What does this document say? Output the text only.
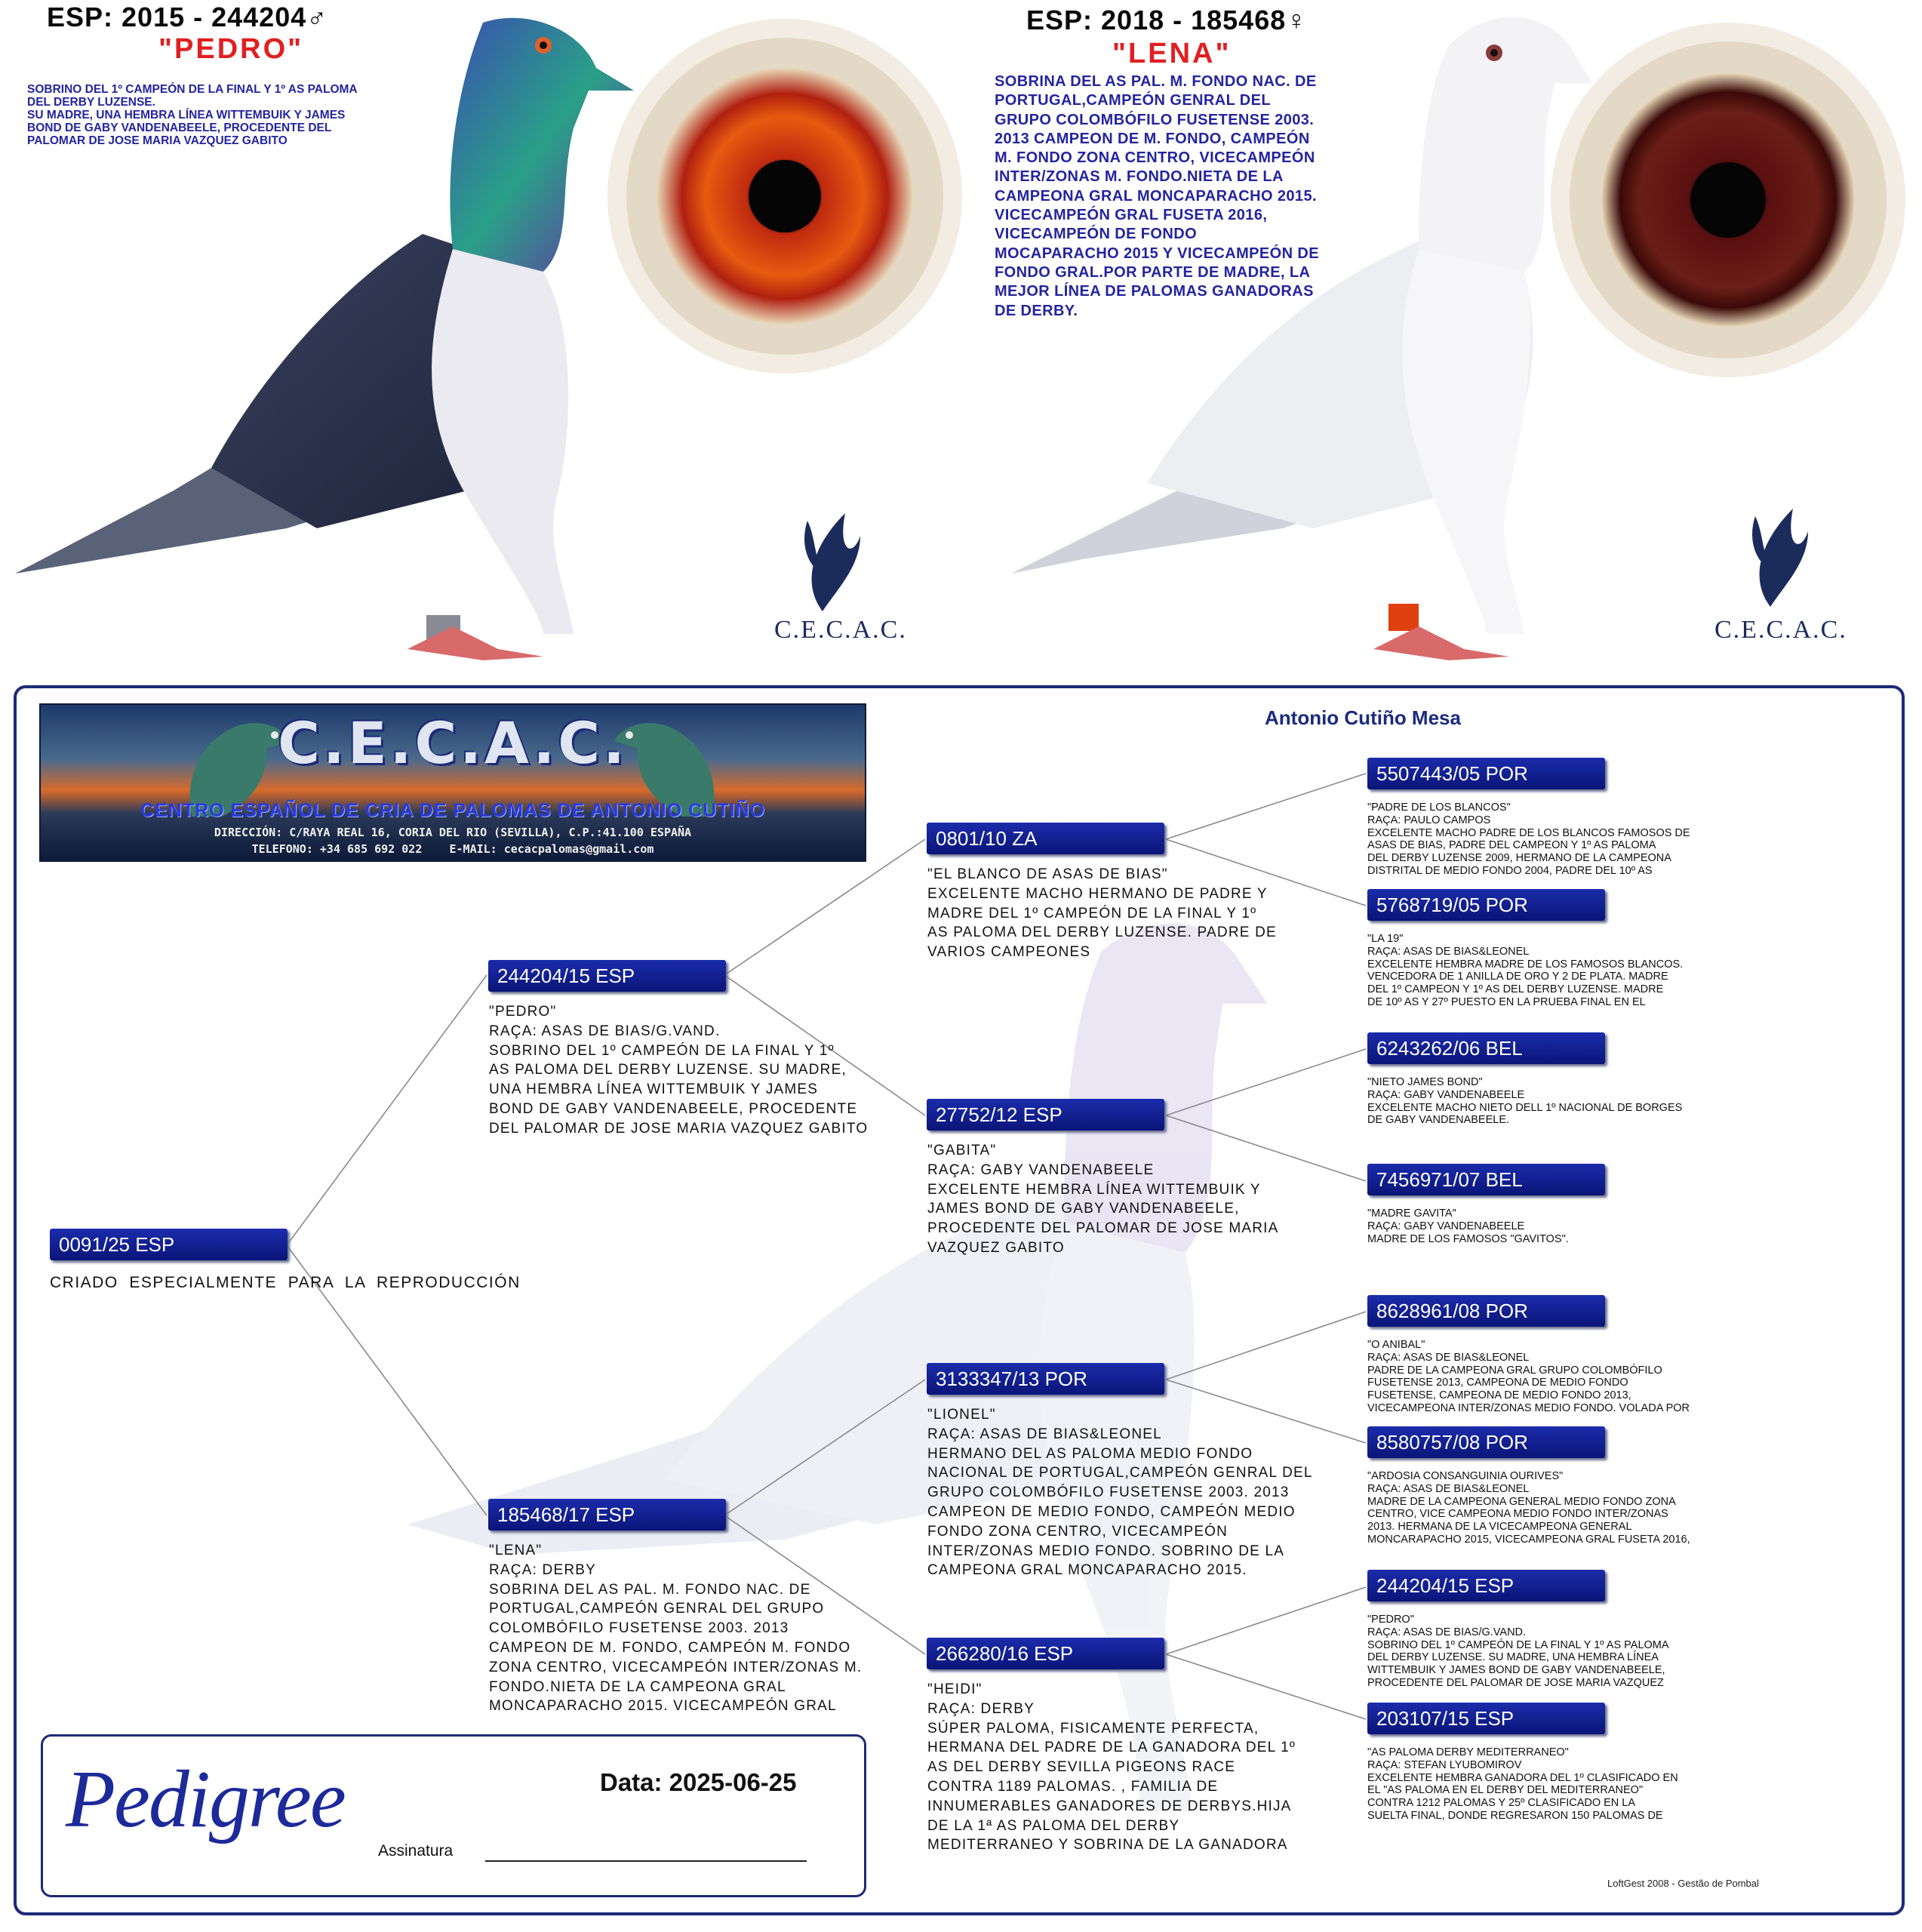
ESP: 2015 - 244204♂
"PEDRO"
SOBRINO DEL 1º CAMPEÓN DE LA FINAL Y 1º AS PALOMA
DEL DERBY LUZENSE.
SU MADRE, UNA HEMBRA LÍNEA WITTEMBUIK Y JAMES
BOND DE GABY VANDENABEELE, PROCEDENTE DEL
PALOMAR DE JOSE MARIA VAZQUEZ GABITO
C.E.C.A.C.
ESP: 2018 - 185468♀
"LENA"
SOBRINA DEL AS PAL. M. FONDO NAC. DE
PORTUGAL,CAMPEÓN GENRAL DEL
GRUPO COLOMBÓFILO FUSETENSE 2003.
2013 CAMPEON DE M. FONDO, CAMPEÓN
M. FONDO ZONA CENTRO, VICECAMPEÓN
INTER/ZONAS M. FONDO.NIETA DE LA
CAMPEONA GRAL MONCAPARACHO 2015.
VICECAMPEÓN GRAL FUSETA 2016,
VICECAMPEÓN DE FONDO
MOCAPARACHO 2015 Y VICECAMPEÓN DE
FONDO GRAL.POR PARTE DE MADRE, LA
MEJOR LÍNEA DE PALOMAS GANADORAS
DE DERBY.
C.E.C.A.C.
Antonio Cutiño Mesa
C.E.C.A.C.
CENTRO ESPAÑOL DE CRIA DE PALOMAS DE ANTONIO CUTIÑO
DIRECCIÓN: C/RAYA REAL 16, CORIA DEL RIO (SEVILLA), C.P.:41.100 ESPAÑA
TELEFONO: +34 685 692 022    E-MAIL: cecacpalomas@gmail.com
0091/25 ESP
CRIADO  ESPECIALMENTE  PARA  LA  REPRODUCCIÓN
244204/15 ESP
"PEDRO"
RAÇA: ASAS DE BIAS/G.VAND.
SOBRINO DEL 1º CAMPEÓN DE LA FINAL Y 1º
AS PALOMA DEL DERBY LUZENSE. SU MADRE,
UNA HEMBRA LÍNEA WITTEMBUIK Y JAMES
BOND DE GABY VANDENABEELE, PROCEDENTE
DEL PALOMAR DE JOSE MARIA VAZQUEZ GABITO
185468/17 ESP
"LENA"
RAÇA: DERBY
SOBRINA DEL AS PAL. M. FONDO NAC. DE
PORTUGAL,CAMPEÓN GENRAL DEL GRUPO
COLOMBÓFILO FUSETENSE 2003. 2013
CAMPEON DE M. FONDO, CAMPEÓN M. FONDO
ZONA CENTRO, VICECAMPEÓN INTER/ZONAS M.
FONDO.NIETA DE LA CAMPEONA GRAL
MONCAPARACHO 2015. VICECAMPEÓN GRAL
0801/10 ZA
"EL BLANCO DE ASAS DE BIAS"
EXCELENTE MACHO HERMANO DE PADRE Y
MADRE DEL 1º CAMPEÓN DE LA FINAL Y 1º
AS PALOMA DEL DERBY LUZENSE. PADRE DE
VARIOS CAMPEONES
27752/12 ESP
"GABITA"
RAÇA: GABY VANDENABEELE
EXCELENTE HEMBRA LÍNEA WITTEMBUIK Y
JAMES BOND DE GABY VANDENABEELE,
PROCEDENTE DEL PALOMAR DE JOSE MARIA
VAZQUEZ GABITO
3133347/13 POR
"LIONEL"
RAÇA: ASAS DE BIAS&LEONEL
HERMANO DEL AS PALOMA MEDIO FONDO
NACIONAL DE PORTUGAL,CAMPEÓN GENRAL DEL
GRUPO COLOMBÓFILO FUSETENSE 2003. 2013
CAMPEON DE MEDIO FONDO, CAMPEÓN MEDIO
FONDO ZONA CENTRO, VICECAMPEÓN
INTER/ZONAS MEDIO FONDO. SOBRINO DE LA
CAMPEONA GRAL MONCAPARACHO 2015.
266280/16 ESP
"HEIDI"
RAÇA: DERBY
SÚPER PALOMA, FISICAMENTE PERFECTA,
HERMANA DEL PADRE DE LA GANADORA DEL 1º
AS DEL DERBY SEVILLA PIGEONS RACE
CONTRA 1189 PALOMAS. , FAMILIA DE
INNUMERABLES GANADORES DE DERBYS.HIJA
DE LA 1ª AS PALOMA DEL DERBY
MEDITERRANEO Y SOBRINA DE LA GANADORA
5507443/05 POR
"PADRE DE LOS BLANCOS"
RAÇA: PAULO CAMPOS
EXCELENTE MACHO PADRE DE LOS BLANCOS FAMOSOS DE
ASAS DE BIAS, PADRE DEL CAMPEON Y 1º AS PALOMA
DEL DERBY LUZENSE 2009, HERMANO DE LA CAMPEONA
DISTRITAL DE MEDIO FONDO 2004, PADRE DEL 10º AS
5768719/05 POR
"LA 19"
RAÇA: ASAS DE BIAS&LEONEL
EXCELENTE HEMBRA MADRE DE LOS FAMOSOS BLANCOS.
VENCEDORA DE 1 ANILLA DE ORO Y 2 DE PLATA. MADRE
DEL 1º CAMPEON Y 1º AS DEL DERBY LUZENSE. MADRE
DE 10º AS Y 27º PUESTO EN LA PRUEBA FINAL EN EL
6243262/06 BEL
"NIETO JAMES BOND"
RAÇA: GABY VANDENABEELE
EXCELENTE MACHO NIETO DELL 1º NACIONAL DE BORGES
DE GABY VANDENABEELE.
7456971/07 BEL
"MADRE GAVITA"
RAÇA: GABY VANDENABEELE
MADRE DE LOS FAMOSOS "GAVITOS".
8628961/08 POR
"O ANIBAL"
RAÇA: ASAS DE BIAS&LEONEL
PADRE DE LA CAMPEONA GRAL GRUPO COLOMBÓFILO
FUSETENSE 2013, CAMPEONA DE MEDIO FONDO
FUSETENSE, CAMPEONA DE MEDIO FONDO 2013,
VICECAMPEONA INTER/ZONAS MEDIO FONDO. VOLADA POR
8580757/08 POR
"ARDOSIA CONSANGUINIA OURIVES"
RAÇA: ASAS DE BIAS&LEONEL
MADRE DE LA CAMPEONA GENERAL MEDIO FONDO ZONA
CENTRO, VICE CAMPEONA MEDIO FONDO INTER/ZONAS
2013. HERMANA DE LA VICECAMPEONA GENERAL
MONCARAPACHO 2015, VICECAMPEONA GRAL FUSETA 2016,
244204/15 ESP
"PEDRO"
RAÇA: ASAS DE BIAS/G.VAND.
SOBRINO DEL 1º CAMPEÓN DE LA FINAL Y 1º AS PALOMA
DEL DERBY LUZENSE. SU MADRE, UNA HEMBRA LÍNEA
WITTEMBUIK Y JAMES BOND DE GABY VANDENABEELE,
PROCEDENTE DEL PALOMAR DE JOSE MARIA VAZQUEZ
203107/15 ESP
"AS PALOMA DERBY MEDITERRANEO"
RAÇA: STEFAN LYUBOMIROV
EXCELENTE HEMBRA GANADORA DEL 1º CLASIFICADO EN
EL "AS PALOMA EN EL DERBY DEL MEDITERRANEO"
CONTRA 1212 PALOMAS Y 25º CLASIFICADO EN LA
SUELTA FINAL, DONDE REGRESARON 150 PALOMAS DE
Pedigree	Data: 2025-06-25
Assinatura
LoftGest 2008 - Gestão de Pombal
